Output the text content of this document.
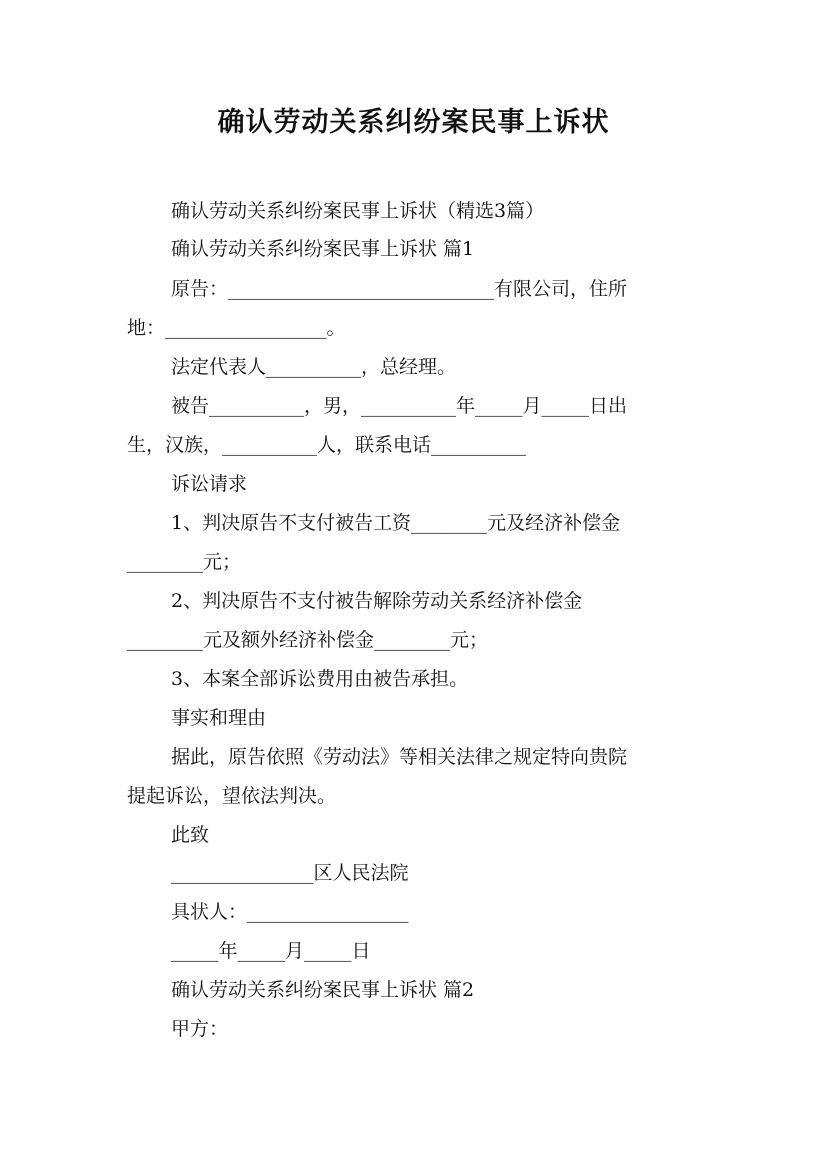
确认劳动关系纠纷案民事上诉状
确认劳动关系纠纷案民事上诉状（精选3篇）
确认劳动关系纠纷案民事上诉状 篇1
原告：____________________________有限公司，住所
地：_________________。
法定代表人__________，总经理。
被告__________，男，__________年_____月_____日出
生，汉族，__________人，联系电话__________
诉讼请求
1、判决原告不支付被告工资________元及经济补偿金
________元；
2、判决原告不支付被告解除劳动关系经济补偿金
________元及额外经济补偿金________元；
3、本案全部诉讼费用由被告承担。
事实和理由
据此，原告依照《劳动法》等相关法律之规定特向贵院
提起诉讼，望依法判决。
此致
_______________区人民法院
具状人：_________________
_____年_____月_____日
确认劳动关系纠纷案民事上诉状 篇2
甲方：
